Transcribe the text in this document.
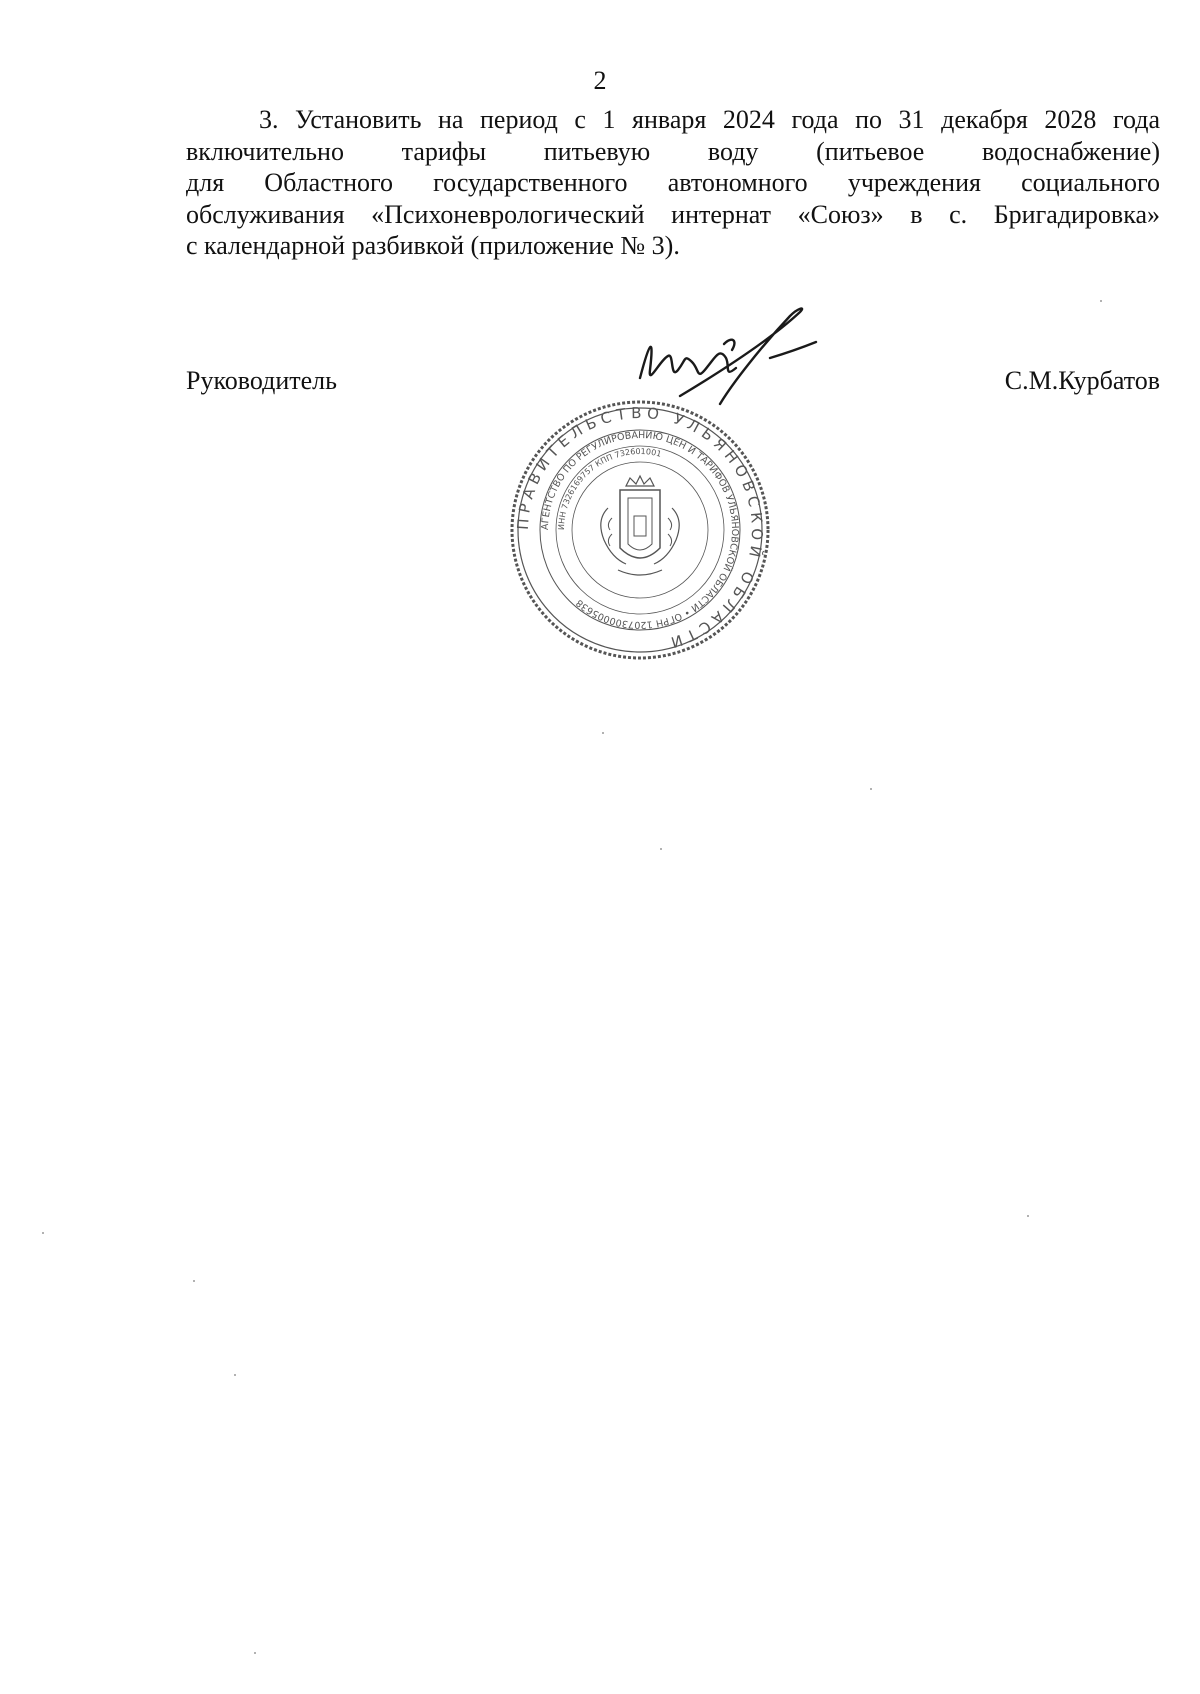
2
3. Установить на период с 1 января 2024 года по 31 декабря 2028 года
включительно тарифы питьевую воду (питьевое водоснабжение)
для Областного государственного автономного учреждения социального
обслуживания «Психоневрологический интернат «Союз» в с. Бригадировка»
с календарной разбивкой (приложение № 3).
Руководитель	С.М.Курбатов
ПРАВИТЕЛЬСТВО УЛЬЯНОВСКОЙ ОБЛАСТИ
АГЕНТСТВО ПО РЕГУЛИРОВАНИЮ ЦЕН И ТАРИФОВ УЛЬЯНОВСКОЙ ОБЛАСТИ • ОГРН 1207300005638
ИНН 7326169757 КПП 732601001
